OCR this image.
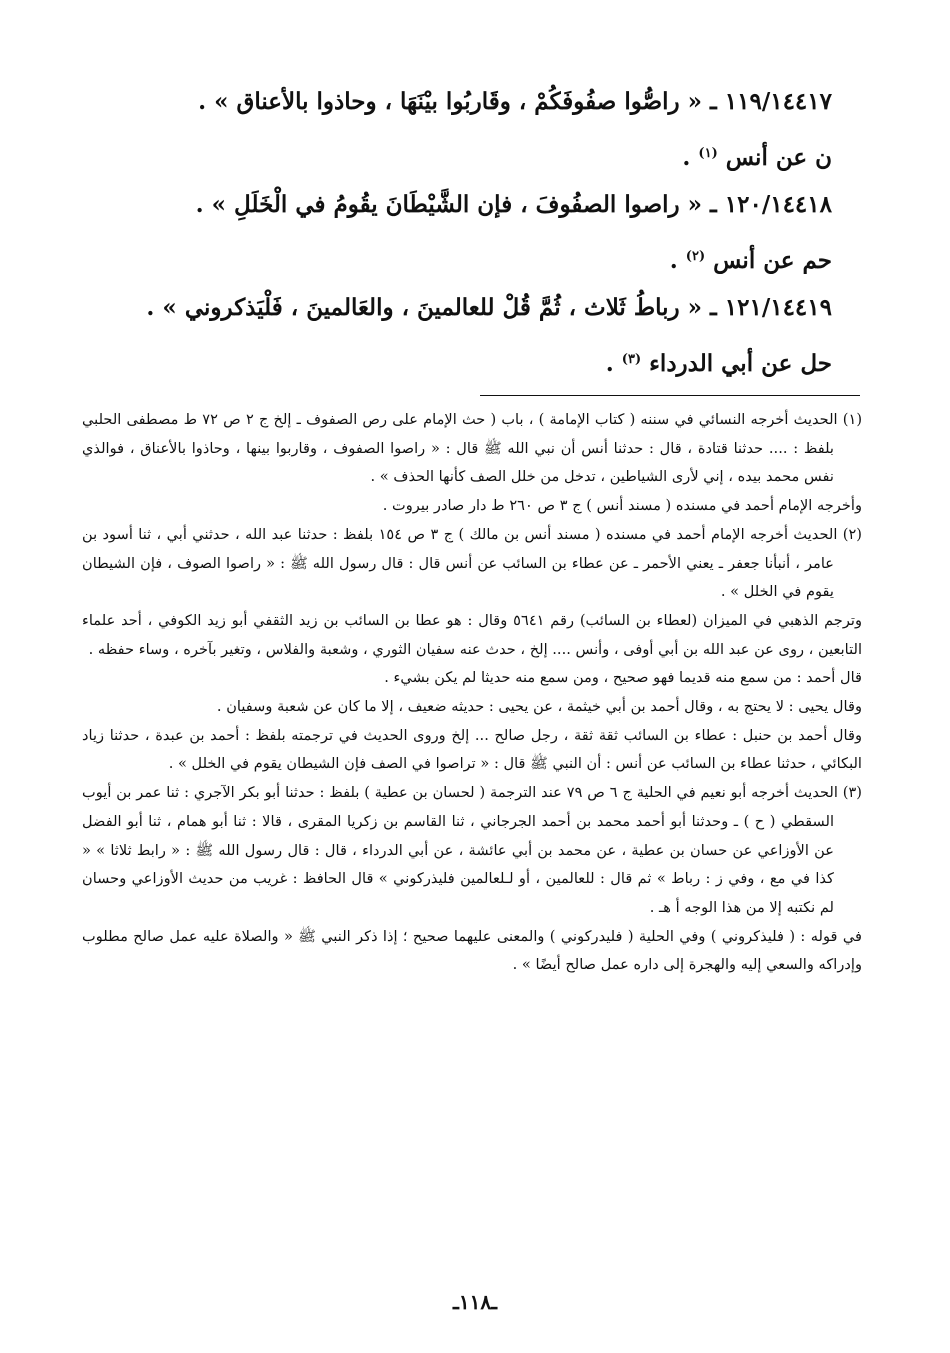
١١٩/١٤٤١٧ ـ « راصُّوا صفُوفَكُمْ ، وقَاربُوا بيْنَهَا ، وحاذوا بالأعناق » .

ن عن أنس $^{(١)}$ .

١٢٠/١٤٤١٨ ـ « راصوا الصفُوفَ ، فإن الشَّيْطَانَ يقُومُ في الْخَلَلِ » .

حم عن أنس $^{(٢)}$ .

١٢١/١٤٤١٩ ـ « رباطُ ثَلاث ، ثُمَّ قُلْ للعالمينَ ، والعَالمينَ ، فَلْيَذكروني » .

حل عن أبي الدرداء $^{(٣)}$ .

(١) الحديث أخرجه النسائي في سننه ( كتاب الإمامة ) ، باب ( حث الإمام على رص الصفوف ـ إلخ ج ٢ ص ٧٢ ط مصطفى الحلبي بلفظ : .... حدثنا قتادة ، قال : حدثنا أنس أن نبي الله ﷺ قال : « راصوا الصفوف ، وقاربوا بينها ، وحاذوا بالأعناق ، فوالذي نفس محمد بيده ، إني لأرى الشياطين ، تدخل من خلل الصف كأنها الحذف » .

وأخرجه الإمام أحمد في مسنده ( مسند أنس ) ج ٣ ص ٢٦٠ ط دار صادر بيروت .

(٢) الحديث أخرجه الإمام أحمد في مسنده ( مسند أنس بن مالك ) ج ٣ ص ١٥٤ بلفظ : حدثنا عبد الله ، حدثني أبي ، ثنا أسود بن عامر ، أنبأنا جعفر ـ يعني الأحمر ـ عن عطاء بن السائب عن أنس قال : قال رسول الله ﷺ : « راصوا الصوف ، فإن الشيطان يقوم في الخلل » .

وترجم الذهبي في الميزان (لعطاء بن السائب) رقم ٥٦٤١ وقال : هو عطا بن السائب بن زيد الثقفي أبو زيد الكوفي ، أحد علماء التابعين ، روى عن عبد الله بن أبي أوفى ، وأنس .... إلخ ، حدث عنه سفيان الثوري ، وشعبة والفلاس ، وتغير بآخره ، وساء حفظه .

قال أحمد : من سمع منه قديما فهو صحيح ، ومن سمع منه حديثا لم يكن بشيء .

وقال يحيى : لا يحتج به ، وقال أحمد بن أبي خيثمة ، عن يحيى : حديثه ضعيف ، إلا ما كان عن شعبة وسفيان .

وقال أحمد بن حنبل : عطاء بن السائب ثقة ثقة ، رجل صالح ... إلخ وروى الحديث في ترجمته بلفظ : أحمد بن عبدة ، حدثنا زياد البكائي ، حدثنا عطاء بن السائب عن أنس : أن النبي ﷺ قال : « تراصوا في الصف فإن الشيطان يقوم في الخلل » .

(٣) الحديث أخرجه أبو نعيم في الحلية ج ٦ ص ٧٩ عند الترجمة ( لحسان بن عطية ) بلفظ : حدثنا أبو بكر الآجري : ثنا عمر بن أيوب السقطي ( ح ) ـ وحدثنا أبو أحمد محمد بن أحمد الجرجاني ، ثنا القاسم بن زكريا المقرى ، قالا : ثنا أبو همام ، ثنا أبو الفضل عن الأوزاعي عن حسان بن عطية ، عن محمد بن أبي عائشة ، عن أبي الدرداء ، قال : قال رسول الله ﷺ : « رابط ثلاثا » « كذا في مع ، وفي ز : رباط » ثم قال : للعالمين ، أو لـلعالمين فليذركوني » قال الحافظ : غريب من حديث الأوزاعي وحسان لم نكتبه إلا من هذا الوجه أ هـ .

في قوله : ( فليذكروني ) وفي الحلية ( فليدركوني ) والمعنى عليهما صحيح ؛ إذا ذكر النبي ﷺ « والصلاة عليه عمل صالح مطلوب وإدراكه والسعي إليه والهجرة إلى داره عمل صالح أيضًا » .

ـ١١٨ـ
